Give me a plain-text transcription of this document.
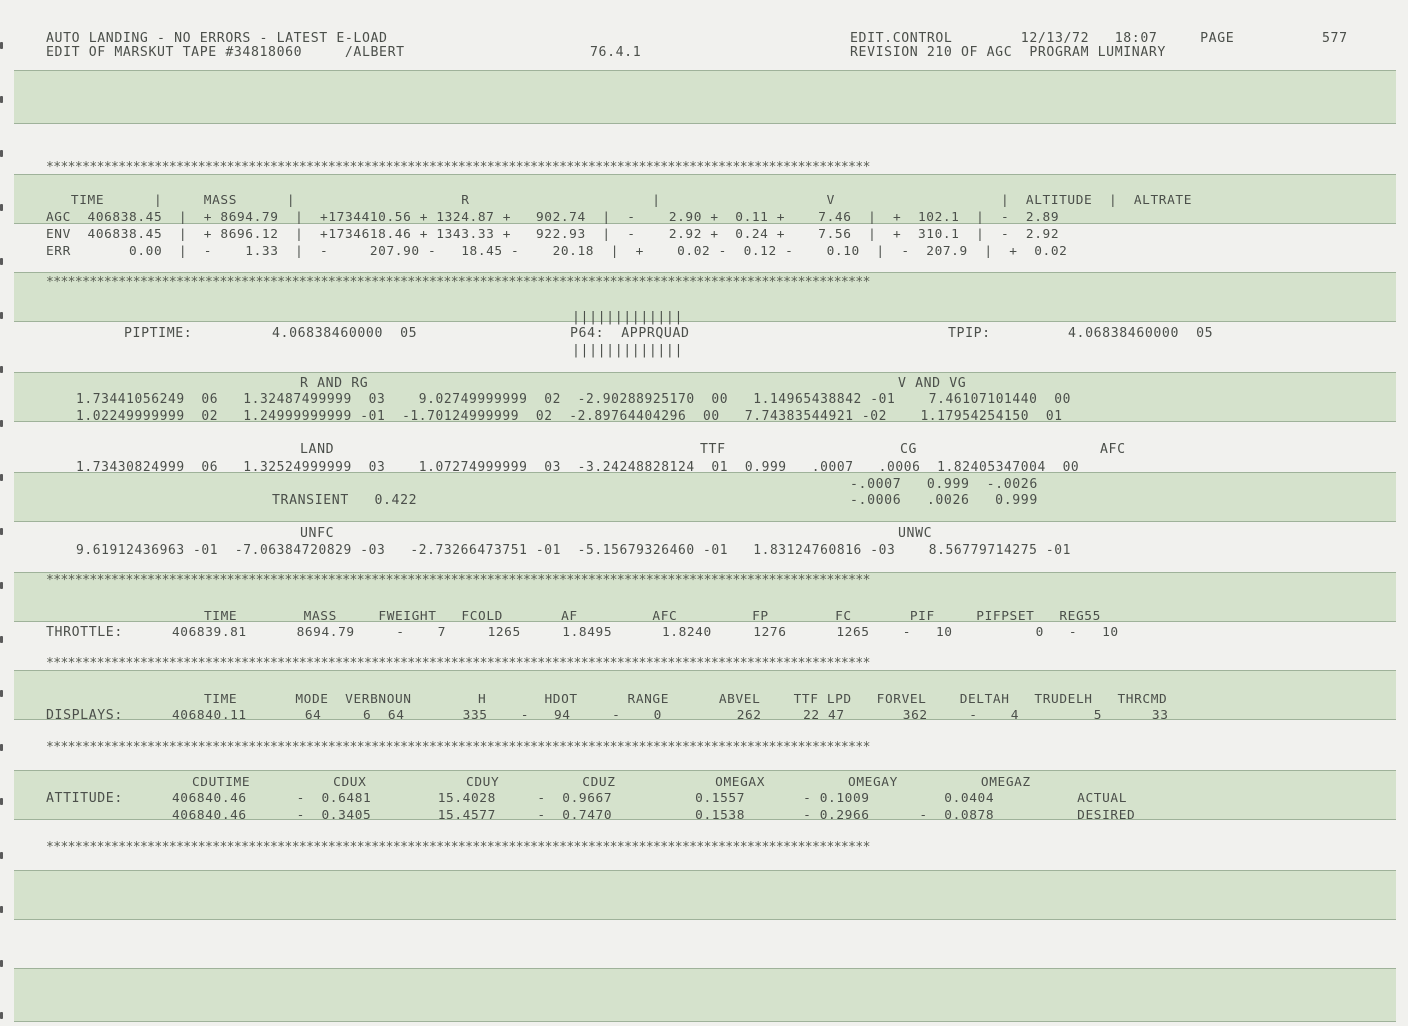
AUTO LANDING - NO ERRORS - LATEST E-LOAD
EDIT OF MARSKUT TAPE #34818060     /ALBERT	76.4.1
EDIT.CONTROL        12/13/72   18:07     PAGE	577
REVISION 210 OF AGC  PROGRAM LUMINARY
******************************************************************************************************************
******************************************************************************************************************
******************************************************************************************************************
******************************************************************************************************************
******************************************************************************************************************
******************************************************************************************************************
TIME      |     MASS      |                    R                      |                    V                    |  ALTITUDE  |  ALTRATE
AGC  406838.45  |  + 8694.79  |  +1734410.56 + 1324.87 +   902.74  |  -    2.90 +  0.11 +    7.46  |  +  102.1  |  -  2.89
ENV  406838.45  |  + 8696.12  |  +1734618.46 + 1343.33 +   922.93  |  -    2.92 +  0.24 +    7.56  |  +  310.1  |  -  2.92
ERR       0.00  |  -    1.33  |  -     207.90 -   18.45 -    20.18  |  +    0.02 -  0.12 -    0.10  |  -  207.9  |  +  0.02
|||||||||||||
PIPTIME:	4.06838460000  05	P64:  APPRQUAD	TPIP:	4.06838460000  05
|||||||||||||
R AND RG	V AND VG
1.73441056249  06   1.32487499999  03    9.02749999999  02  -2.90288925170  00   1.14965438842 -01    7.46107101440  00
1.02249999999  02   1.24999999999 -01  -1.70124999999  02  -2.89764404296  00   7.74383544921 -02    1.17954254150  01
LAND	TTF	CG	AFC
1.73430824999  06   1.32524999999  03    1.07274999999  03  -3.24248828124  01  0.999   .0007   .0006  1.82405347004  00
-.0007   0.999  -.0026
TRANSIENT   0.422	-.0006   .0026   0.999
UNFC	UNWC
9.61912436963 -01  -7.06384720829 -03   -2.73266473751 -01  -5.15679326460 -01   1.83124760816 -03    8.56779714275 -01
TIME        MASS     FWEIGHT   FCOLD       AF         AFC         FP        FC       PIF     PIFPSET   REG55
THROTTLE:	406839.81      8694.79     -    7     1265     1.8495      1.8240     1276      1265    -   10          0   -   10
TIME       MODE  VERBNOUN        H       HDOT      RANGE      ABVEL    TTF LPD   FORVEL    DELTAH   TRUDELH   THRCMD
DISPLAYS:	406840.11       64     6  64       335    -   94     -    0         262     22 47       362     -    4         5      33
CDUTIME          CDUX            CDUY          CDUZ            OMEGAX          OMEGAY          OMEGAZ
ATTITUDE:	406840.46      -  0.6481        15.4028     -  0.9667          0.1557       - 0.1009         0.0404          ACTUAL
406840.46      -  0.3405        15.4577     -  0.7470          0.1538       - 0.2966      -  0.0878          DESIRED
